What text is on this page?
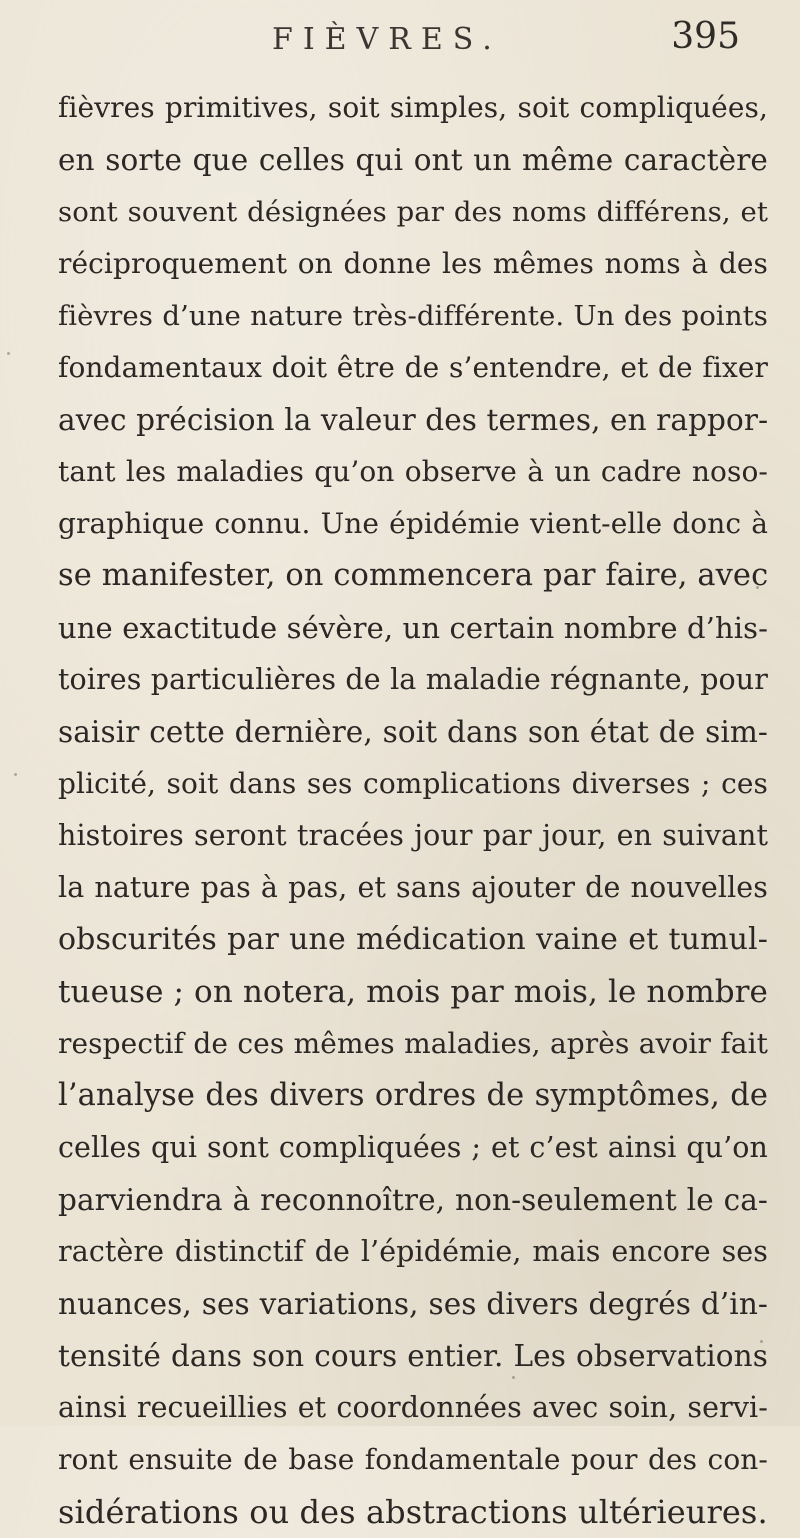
FIÈVRES.	395
fièvres primitives, soit simples, soit compliquées,
en sorte que celles qui ont un même caractère
sont souvent désignées par des noms différens, et
réciproquement on donne les mêmes noms à des
fièvres d’une nature très-différente. Un des points
fondamentaux doit être de s’entendre, et de fixer
avec précision la valeur des termes, en rappor-
tant les maladies qu’on observe à un cadre noso-
graphique connu. Une épidémie vient-elle donc à
se manifester, on commencera par faire, avec
une exactitude sévère, un certain nombre d’his-
toires particulières de la maladie régnante, pour
saisir cette dernière, soit dans son état de sim-
plicité, soit dans ses complications diverses ; ces
histoires seront tracées jour par jour, en suivant
la nature pas à pas, et sans ajouter de nouvelles
obscurités par une médication vaine et tumul-
tueuse ; on notera, mois par mois, le nombre
respectif de ces mêmes maladies, après avoir fait
l’analyse des divers ordres de symptômes, de
celles qui sont compliquées ; et c’est ainsi qu’on
parviendra à reconnoître, non-seulement le ca-
ractère distinctif de l’épidémie, mais encore ses
nuances, ses variations, ses divers degrés d’in-
tensité dans son cours entier. Les observations
ainsi recueillies et coordonnées avec soin, servi-
ront ensuite de base fondamentale pour des con-
sidérations ou des abstractions ultérieures.
